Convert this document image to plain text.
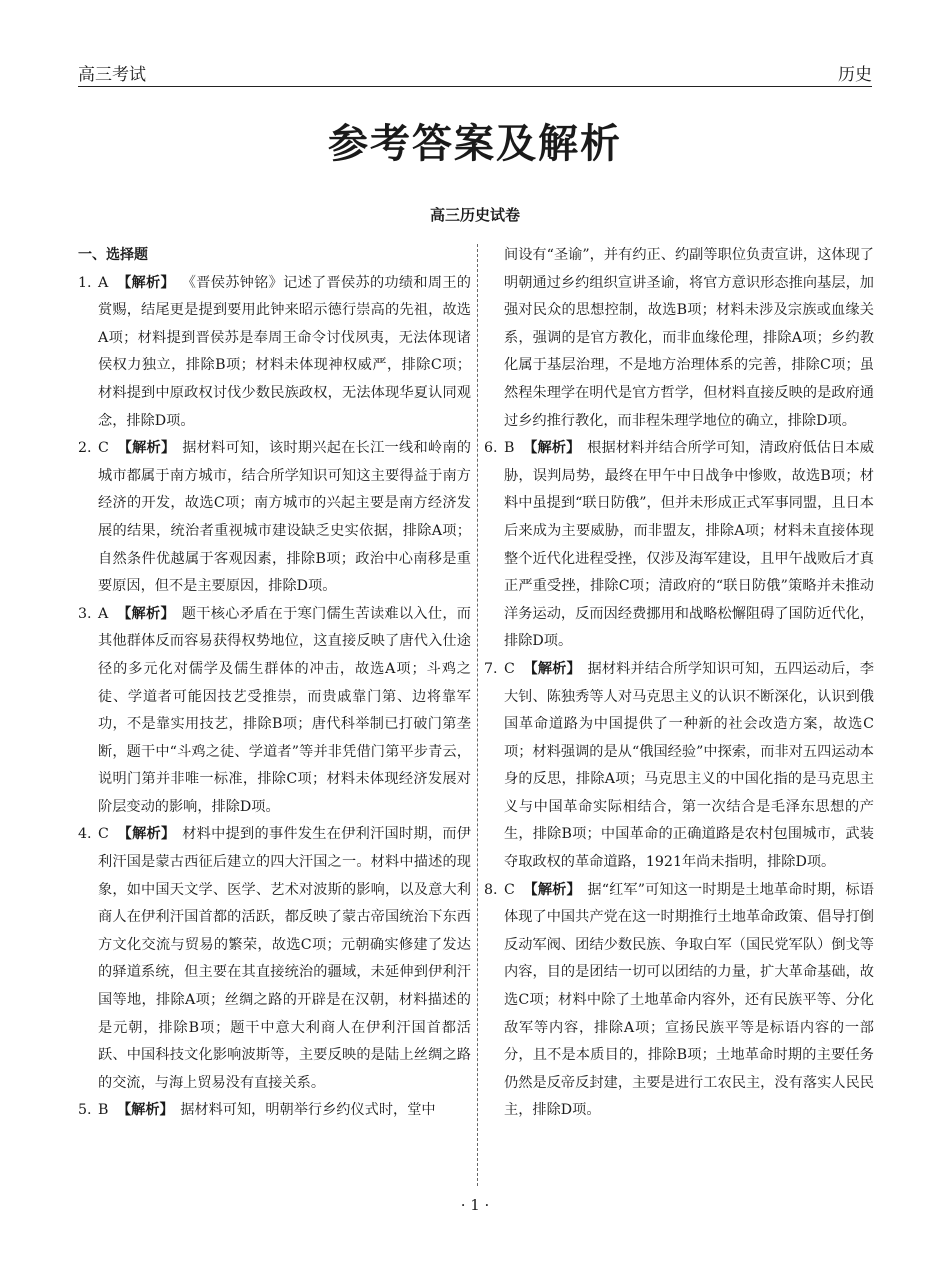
高三考试	历史
参考答案及解析
高三历史试卷
一、选择题
1. A 【解析】 《晋侯苏钟铭》记述了晋侯苏的功绩和周王的赏赐，结尾更是提到要用此钟来昭示德行崇高的先祖，故选A项；材料提到晋侯苏是奉周王命令讨伐夙夷，无法体现诸侯权力独立，排除B项；材料未体现神权威严，排除C项；材料提到中原政权讨伐少数民族政权，无法体现华夏认同观念，排除D项。
2. C 【解析】 据材料可知，该时期兴起在长江一线和岭南的城市都属于南方城市，结合所学知识可知这主要得益于南方经济的开发，故选C项；南方城市的兴起主要是南方经济发展的结果，统治者重视城市建设缺乏史实依据，排除A项；自然条件优越属于客观因素，排除B项；政治中心南移是重要原因，但不是主要原因，排除D项。
3. A 【解析】 题干核心矛盾在于寒门儒生苦读难以入仕，而其他群体反而容易获得权势地位，这直接反映了唐代入仕途径的多元化对儒学及儒生群体的冲击，故选A项；斗鸡之徒、学道者可能因技艺受推崇，而贵戚靠门第、边将靠军功，不是靠实用技艺，排除B项；唐代科举制已打破门第垄断，题干中“斗鸡之徒、学道者”等并非凭借门第平步青云，说明门第并非唯一标准，排除C项；材料未体现经济发展对阶层变动的影响，排除D项。
4. C 【解析】 材料中提到的事件发生在伊利汗国时期，而伊利汗国是蒙古西征后建立的四大汗国之一。材料中描述的现象，如中国天文学、医学、艺术对波斯的影响，以及意大利商人在伊利汗国首都的活跃，都反映了蒙古帝国统治下东西方文化交流与贸易的繁荣，故选C项；元朝确实修建了发达的驿道系统，但主要在其直接统治的疆域，未延伸到伊利汗国等地，排除A项；丝绸之路的开辟是在汉朝，材料描述的是元朝，排除B项；题干中意大利商人在伊利汗国首都活跃、中国科技文化影响波斯等，主要反映的是陆上丝绸之路的交流，与海上贸易没有直接关系。
5. B 【解析】 据材料可知，明朝举行乡约仪式时，堂中
间设有“圣谕”，并有约正、约副等职位负责宣讲，这体现了明朝通过乡约组织宣讲圣谕，将官方意识形态推向基层，加强对民众的思想控制，故选B项；材料未涉及宗族或血缘关系，强调的是官方教化，而非血缘伦理，排除A项；乡约教化属于基层治理，不是地方治理体系的完善，排除C项；虽然程朱理学在明代是官方哲学，但材料直接反映的是政府通过乡约推行教化，而非程朱理学地位的确立，排除D项。
6. B 【解析】 根据材料并结合所学可知，清政府低估日本威胁，误判局势，最终在甲午中日战争中惨败，故选B项；材料中虽提到“联日防俄”，但并未形成正式军事同盟，且日本后来成为主要威胁，而非盟友，排除A项；材料未直接体现整个近代化进程受挫，仅涉及海军建设，且甲午战败后才真正严重受挫，排除C项；清政府的“联日防俄”策略并未推动洋务运动，反而因经费挪用和战略松懈阻碍了国防近代化，排除D项。
7. C 【解析】 据材料并结合所学知识可知，五四运动后，李大钊、陈独秀等人对马克思主义的认识不断深化，认识到俄国革命道路为中国提供了一种新的社会改造方案，故选C项；材料强调的是从“俄国经验”中探索，而非对五四运动本身的反思，排除A项；马克思主义的中国化指的是马克思主义与中国革命实际相结合，第一次结合是毛泽东思想的产生，排除B项；中国革命的正确道路是农村包围城市，武装夺取政权的革命道路，1921年尚未指明，排除D项。
8. C 【解析】 据“红军”可知这一时期是土地革命时期，标语体现了中国共产党在这一时期推行土地革命政策、倡导打倒反动军阀、团结少数民族、争取白军（国民党军队）倒戈等内容，目的是团结一切可以团结的力量，扩大革命基础，故选C项；材料中除了土地革命内容外，还有民族平等、分化敌军等内容，排除A项；宣扬民族平等是标语内容的一部分，且不是本质目的，排除B项；土地革命时期的主要任务仍然是反帝反封建，主要是进行工农民主，没有落实人民民主，排除D项。
· 1 ·
